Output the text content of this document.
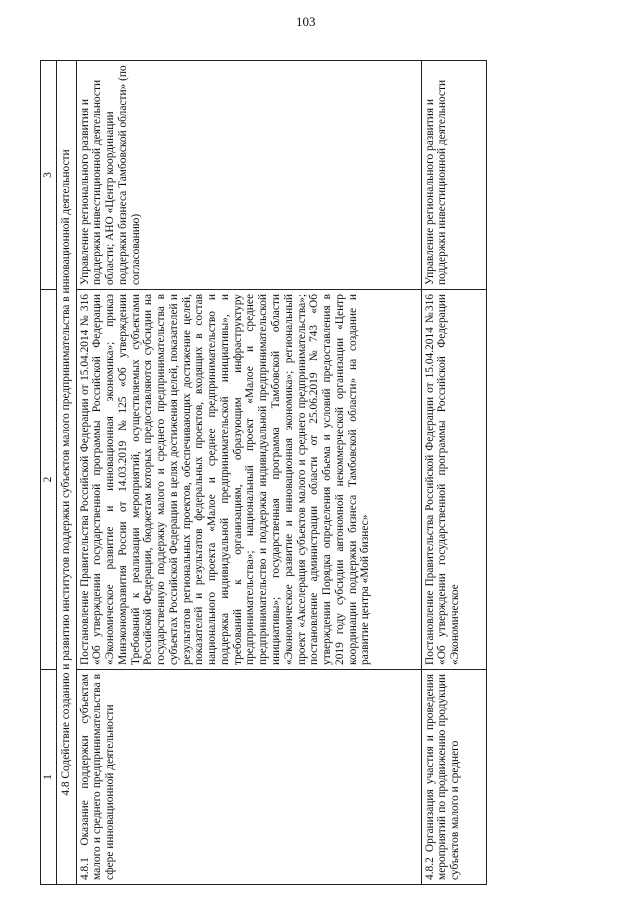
103
1	2	3
4.8 Содействие созданию и развитию институтов поддержки субъектов малого предпринимательства в инновационной деятельности		
4.8.1 Оказание поддержки субъектам малого и среднего предпринимательства в сфере инновационной деятельности	Постановление Правительства Российской Федерации от 15.04.2014 № 316 «Об утверждении государственной программы Российской Федерации «Экономическое развитие и инновационная экономика»; приказ Минэкономразвития России от 14.03.2019 №125 «Об утверждении Требований к реализации мероприятий, осуществляемых субъектами Российской Федерации, бюджетам которых предоставляются субсидии на государственную поддержку малого и среднего предпринимательства в субъектах Российской Федерации в целях достижения целей, показателей и результатов региональных проектов, обеспечивающих достижение целей, показателей и результатов федеральных проектов, входящих в состав национального проекта «Малое и среднее предпринимательство и поддержка индивидуальной предпринимательской инициативы», и требований к организациям, образующим инфраструктуру предпринимательства»; национальный проект «Малое и среднее предпринимательство и поддержка индивидуальной предпринимательской инициативы»; государственная программа Тамбовской области «Экономическое развитие и инновационная экономика»; региональный проект «Акселерация субъектов малого и среднего предпринимательства»; постановление администрации области от 25.06.2019 №743 «Об утверждении Порядка определения объема и условий предоставления в 2019 году субсидии автономной некоммерческой организации «Центр координации поддержки бизнеса Тамбовской области» на создание и развитие центра «Мой бизнес»	Управление регионального развития и поддержки инвестиционной деятельности области; АНО «Центр координации поддержки бизнеса Тамбовской области» (по согласованию)
4.8.2 Организация участия и проведения мероприятий по продвижению продукции субъектов малого и среднего	Постановление Правительства Российской Федерации от 15.04.2014 №316 «Об утверждении государственной программы Российской Федерации «Экономическое	Управление регионального развития и поддержки инвестиционной деятельности
